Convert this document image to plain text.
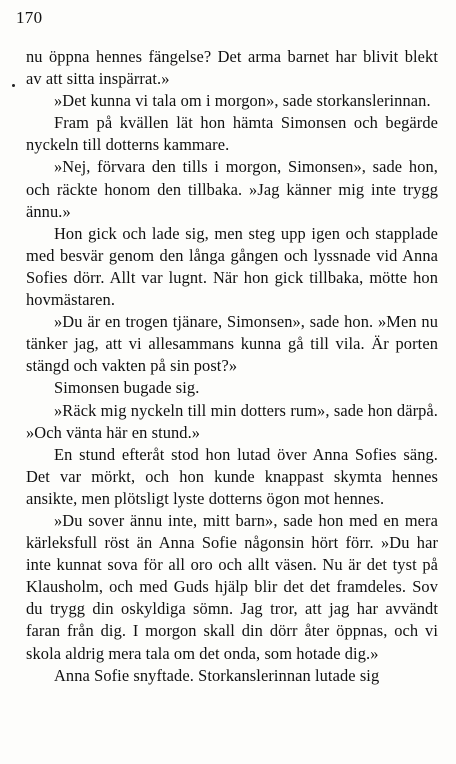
170

nu öppna hennes fängelse? Det arma barnet har blivit blekt av att sitta inspärrat.»

»Det kunna vi tala om i morgon», sade storkanslerinnan.

Fram på kvällen lät hon hämta Simonsen och begärde nyckeln till dotterns kammare.

»Nej, förvara den tills i morgon, Simonsen», sade hon, och räckte honom den tillbaka. »Jag känner mig inte trygg ännu.»

Hon gick och lade sig, men steg upp igen och stapplade med besvär genom den långa gången och lyssnade vid Anna Sofies dörr. Allt var lugnt. När hon gick tillbaka, mötte hon hovmästaren.

»Du är en trogen tjänare, Simonsen», sade hon. »Men nu tänker jag, att vi allesammans kunna gå till vila. Är porten stängd och vakten på sin post?»

Simonsen bugade sig.

»Räck mig nyckeln till min dotters rum», sade hon därpå. »Och vänta här en stund.»

En stund efteråt stod hon lutad över Anna Sofies säng. Det var mörkt, och hon kunde knappast skymta hennes ansikte, men plötsligt lyste dotterns ögon mot hennes.

»Du sover ännu inte, mitt barn», sade hon med en mera kärleksfull röst än Anna Sofie någonsin hört förr. »Du har inte kunnat sova för all oro och allt väsen. Nu är det tyst på Klausholm, och med Guds hjälp blir det det framdeles. Sov du trygg din oskyldiga sömn. Jag tror, att jag har avvändt faran från dig. I morgon skall din dörr åter öppnas, och vi skola aldrig mera tala om det onda, som hotade dig.»

Anna Sofie snyftade. Storkanslerinnan lutade sig
